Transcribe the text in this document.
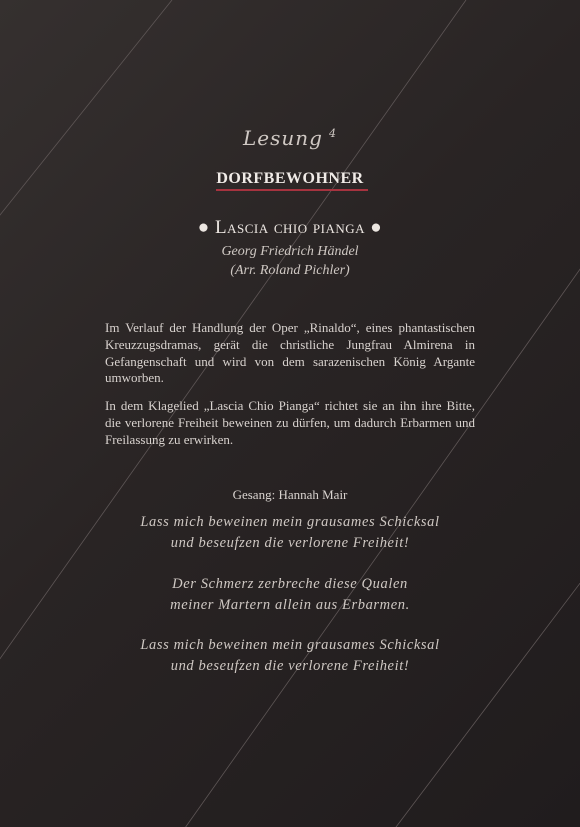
Lesung $^4$
DORFBEWOHNER
● Lascia chio pianga ●
Georg Friedrich Händel
(Arr. Roland Pichler)
Im Verlauf der Handlung der Oper „Rinaldo“, eines phantastischen Kreuzzugsdramas, gerät die christliche Jungfrau Almirena in Gefangenschaft und wird von dem sarazenischen König Argante umworben.
In dem Klagelied „Lascia Chio Pianga“ richtet sie an ihn ihre Bitte, die verlorene Freiheit beweinen zu dürfen, um dadurch Erbarmen und Freilassung zu erwirken.
Gesang: Hannah Mair
Lass mich beweinen mein grausames Schicksal
und beseufzen die verlorene Freiheit!
Der Schmerz zerbreche diese Qualen
meiner Martern allein aus Erbarmen.
Lass mich beweinen mein grausames Schicksal
und beseufzen die verlorene Freiheit!
